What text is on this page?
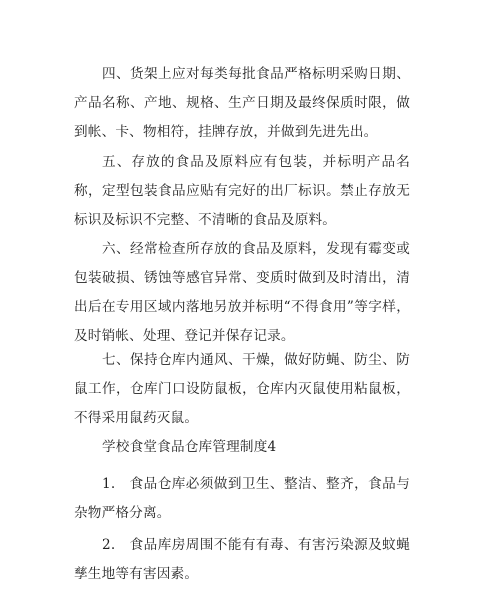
四、货架上应对每类每批食品严格标明采购日期、产品名称、产地、规格、生产日期及最终保质时限，做到帐、卡、物相符，挂牌存放，并做到先进先出。

五、存放的食品及原料应有包装，并标明产品名称，定型包装食品应贴有完好的出厂标识。禁止存放无标识及标识不完整、不清晰的食品及原料。

六、经常检查所存放的食品及原料，发现有霉变或包装破损、锈蚀等感官异常、变质时做到及时清出，清出后在专用区域内落地另放并标明“不得食用”等字样，及时销帐、处理、登记并保存记录。

七、保持仓库内通风、干燥，做好防蝇、防尘、防鼠工作，仓库门口设防鼠板，仓库内灭鼠使用粘鼠板，不得采用鼠药灭鼠。

学校食堂食品仓库管理制度4

1.　食品仓库必须做到卫生、整洁、整齐，食品与杂物严格分离。

2.　食品库房周围不能有有毒、有害污染源及蚊蝇孳生地等有害因素。
